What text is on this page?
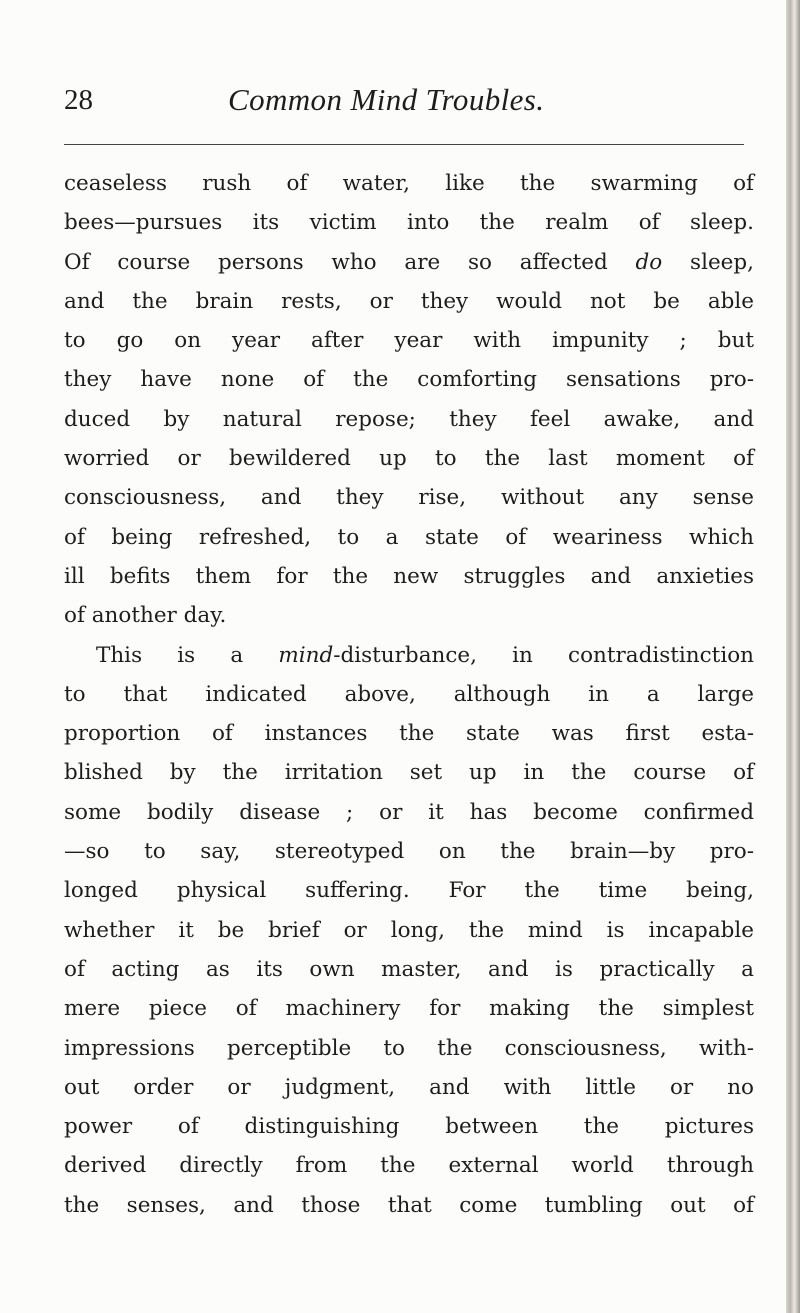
28	Common Mind Troubles.
ceaseless rush of water, like the swarming of
bees—pursues its victim into the realm of sleep.
Of course persons who are so affected do sleep,
and the brain rests, or they would not be able
to go on year after year with impunity ; but
they have none of the comforting sensations pro-
duced by natural repose; they feel awake, and
worried or bewildered up to the last moment of
consciousness, and they rise, without any sense
of being refreshed, to a state of weariness which
ill befits them for the new struggles and anxieties
of another day.
This is a mind-disturbance, in contradistinction
to that indicated above, although in a large
proportion of instances the state was first esta-
blished by the irritation set up in the course of
some bodily disease ; or it has become confirmed
—so to say, stereotyped on the brain—by pro-
longed physical suffering. For the time being,
whether it be brief or long, the mind is incapable
of acting as its own master, and is practically a
mere piece of machinery for making the simplest
impressions perceptible to the consciousness, with-
out order or judgment, and with little or no
power of distinguishing between the pictures
derived directly from the external world through
the senses, and those that come tumbling out of
